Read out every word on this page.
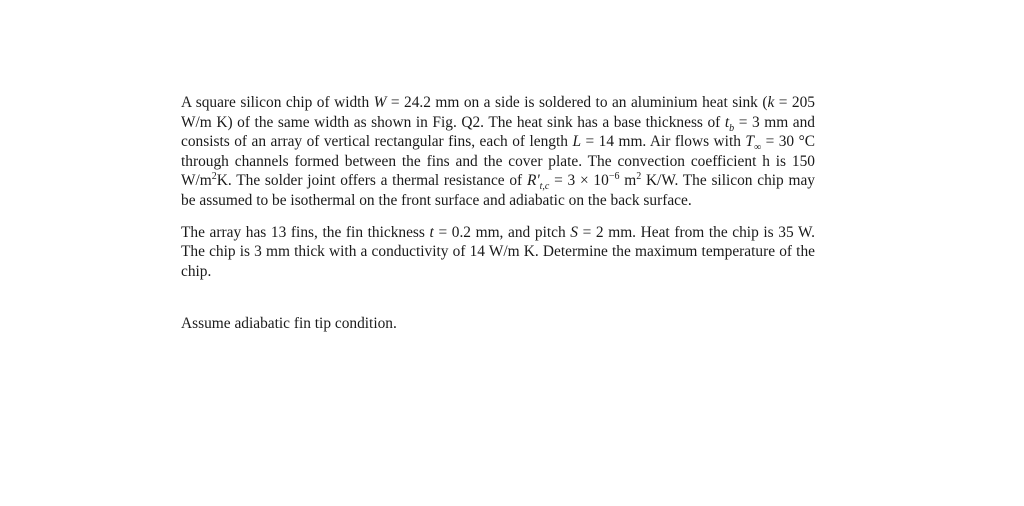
A square silicon chip of width W = 24.2 mm on a side is soldered to an aluminium heat sink (k = 205 W/m K) of the same width as shown in Fig. Q2. The heat sink has a base thickness of $t_b = 3$ mm and consists of an array of vertical rectangular fins, each of length L = 14 mm. Air flows with $T_\infty = 30$ °C through channels formed between the fins and the cover plate. The convection coefficient h is 150 $W/m^2K$. The solder joint offers a thermal resistance of $R'_{t,c} = 3 \times 10^{-6}$ $m^2$ K/W. The silicon chip may be assumed to be isothermal on the front surface and adiabatic on the back surface.

The array has 13 fins, the fin thickness t = 0.2 mm, and pitch S = 2 mm. Heat from the chip is 35 W. The chip is 3 mm thick with a conductivity of 14 W/m K. Determine the maximum temperature of the chip.

Assume adiabatic fin tip condition.
